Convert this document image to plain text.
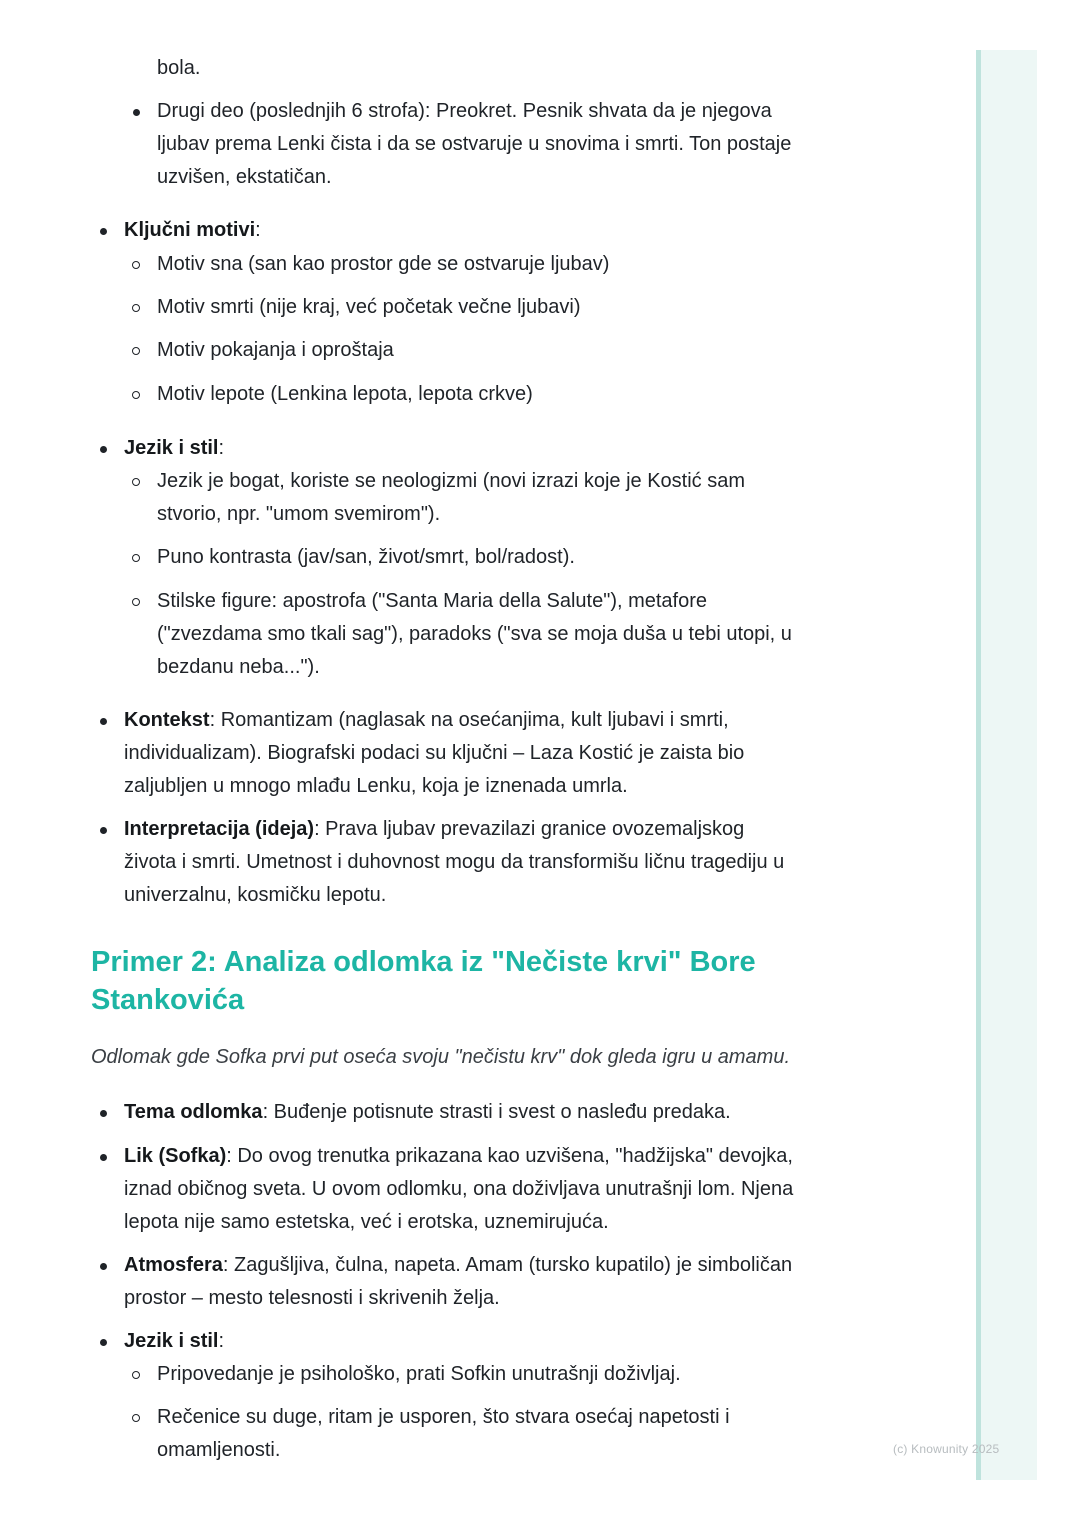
(c) Knowunity 2025

bola.

Drugi deo (poslednjih 6 strofa): Preokret. Pesnik shvata da je njegova

ljubav prema Lenki čista i da se ostvaruje u snovima i smrti. Ton postaje

uzvišen, ekstatičan.

Ključni motivi:

Motiv sna (san kao prostor gde se ostvaruje ljubav)

Motiv smrti (nije kraj, već početak večne ljubavi)

Motiv pokajanja i oproštaja

Motiv lepote (Lenkina lepota, lepota crkve)

Jezik i stil:

Jezik je bogat, koriste se neologizmi (novi izrazi koje je Kostić sam

stvorio, npr. "umom svemirom").

Puno kontrasta (jav/san, život/smrt, bol/radost).

Stilske figure: apostrofa ("Santa Maria della Salute"), metafore

("zvezdama smo tkali sag"), paradoks ("sva se moja duša u tebi utopi, u

bezdanu neba...").

Kontekst: Romantizam (naglasak na osećanjima, kult ljubavi i smrti,

individualizam). Biografski podaci su ključni – Laza Kostić je zaista bio

zaljubljen u mnogo mlađu Lenku, koja je iznenada umrla.

Interpretacija (ideja): Prava ljubav prevazilazi granice ovozemaljskog

života i smrti. Umetnost i duhovnost mogu da transformišu ličnu tragediju u

univerzalnu, kosmičku lepotu.

Primer 2: Analiza odlomka iz "Nečiste krvi" Bore
Stankovića

Odlomak gde Sofka prvi put oseća svoju "nečistu krv" dok gleda igru u amamu.

Tema odlomka: Buđenje potisnute strasti i svest o nasleđu predaka.

Lik (Sofka): Do ovog trenutka prikazana kao uzvišena, "hadžijska" devojka,

iznad običnog sveta. U ovom odlomku, ona doživljava unutrašnji lom. Njena

lepota nije samo estetska, već i erotska, uznemirujuća.

Atmosfera: Zagušljiva, čulna, napeta. Amam (tursko kupatilo) je simboličan

prostor – mesto telesnosti i skrivenih želja.

Jezik i stil:

Pripovedanje je psihološko, prati Sofkin unutrašnji doživljaj.

Rečenice su duge, ritam je usporen, što stvara osećaj napetosti i

omamljenosti.
